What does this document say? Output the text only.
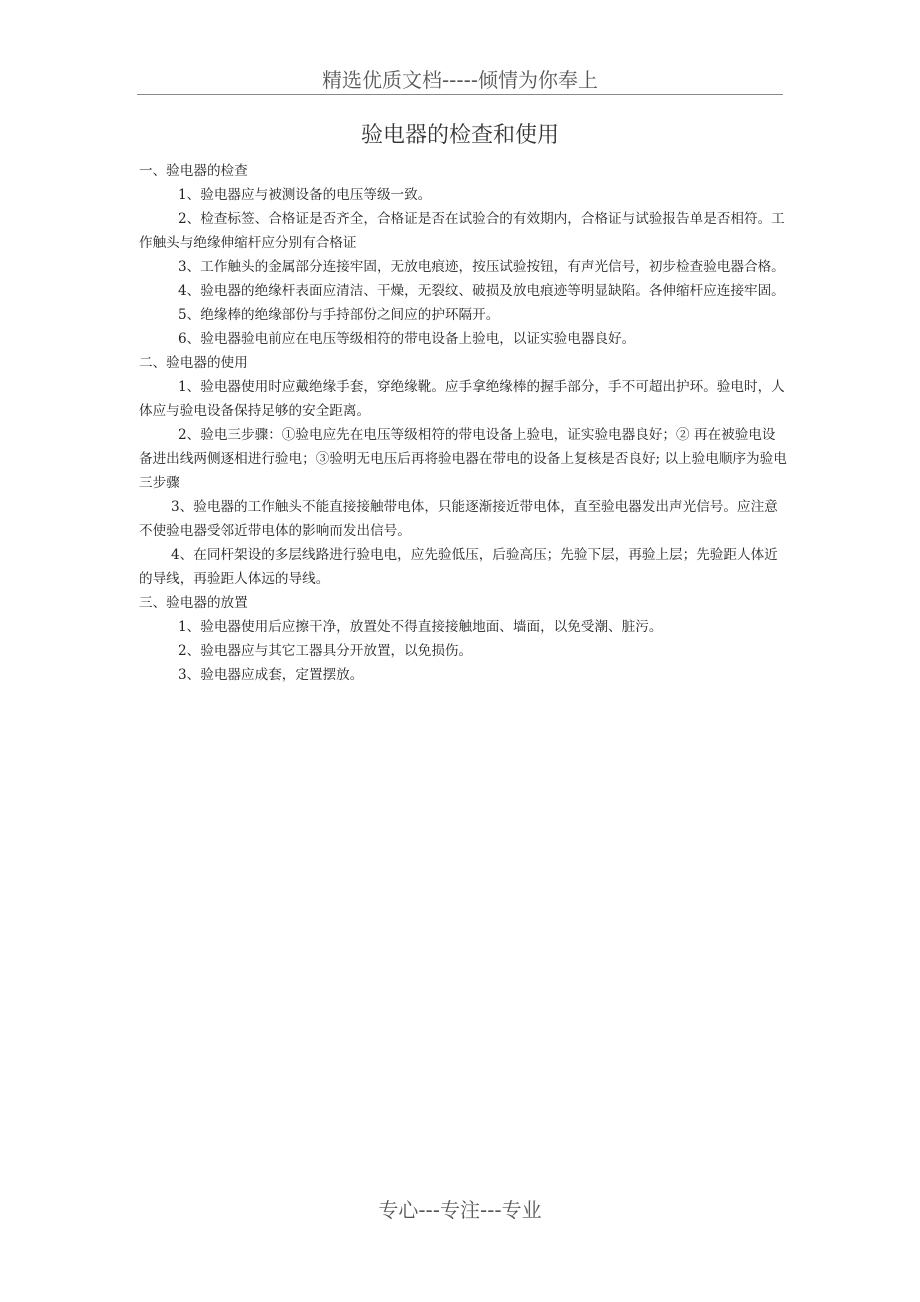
精选优质文档-----倾情为你奉上
验电器的检查和使用

一、验电器的检查

1、验电器应与被测设备的电压等级一致。

2、检查标签、合格证是否齐全，合格证是否在试验合的有效期内，合格证与试验报告单是否相符。工作触头与绝缘伸缩杆应分别有合格证

3、工作触头的金属部分连接牢固，无放电痕迹，按压试验按钮，有声光信号，初步检查验电器合格。

4、验电器的绝缘杆表面应清洁、干燥，无裂纹、破损及放电痕迹等明显缺陷。各伸缩杆应连接牢固。

5、绝缘棒的绝缘部份与手持部份之间应的护环隔开。

6、验电器验电前应在电压等级相符的带电设备上验电，以证实验电器良好。

二、验电器的使用

1、验电器使用时应戴绝缘手套，穿绝缘靴。应手拿绝缘棒的握手部分，手不可超出护环。验电时，人体应与验电设备保持足够的安全距离。

2、验电三步骤：①验电应先在电压等级相符的带电设备上验电，证实验电器良好；② 再在被验电设备进出线两侧逐相进行验电；③验明无电压后再将验电器在带电的设备上复核是否良好; 以上验电顺序为验电三步骤

3、验电器的工作触头不能直接接触带电体，只能逐渐接近带电体，直至验电器发出声光信号。应注意不使验电器受邻近带电体的影响而发出信号。

4、在同杆架设的多层线路进行验电电，应先验低压，后验高压；先验下层，再验上层；先验距人体近的导线，再验距人体远的导线。

三、验电器的放置

1、验电器使用后应擦干净，放置处不得直接接触地面、墙面，以免受潮、脏污。

2、验电器应与其它工器具分开放置，以免损伤。

3、验电器应成套，定置摆放。

专心---专注---专业
